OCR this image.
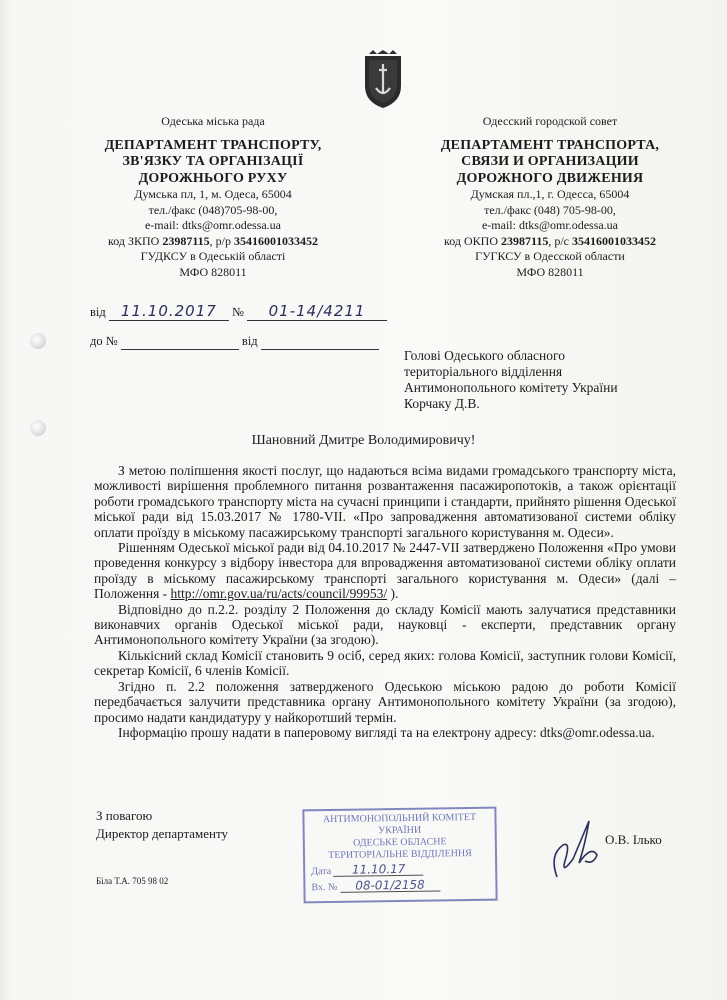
Одеська міська рада
ДЕПАРТАМЕНТ ТРАНСПОРТУ,
ЗВ'ЯЗКУ ТА ОРГАНІЗАЦІЇ
ДОРОЖНЬОГО РУХУ
Думська пл, 1, м. Одеса, 65004
тел./факс (048)705-98-00,
e-mail: dtks@omr.odessa.ua
код ЗКПО 23987115, р/р 35416001033452
ГУДКСУ в Одеській області
МФО 828011
Одесский городской совет
ДЕПАРТАМЕНТ ТРАНСПОРТА,
СВЯЗИ И ОРГАНИЗАЦИИ
ДОРОЖНОГО ДВИЖЕНИЯ
Думская пл.,1, г. Одесса, 65004
тел./факс (048) 705-98-00,
e-mail: dtks@omr.odessa.ua
код ОКПО 23987115, р/с 35416001033452
ГУГКСУ в Одесской области
МФО 828011
від 11.10.2017 № 01-14/4211
до №	від
Голові Одеського обласного
територіального відділення
Антимонопольного комітету України
Корчаку Д.В.
Шановний Дмитре Володимировичу!

З метою поліпшення якості послуг, що надаються всіма видами громадського транспорту міста, можливості вирішення проблемного питання розвантаження пасажиропотоків, а також орієнтації роботи громадського транспорту міста на сучасні принципи і стандарти, прийнято рішення Одеської міської ради від 15.03.2017 № 1780-VII. «Про запровадження автоматизованої системи обліку оплати проїзду в міському пасажирському транспорті загального користування м. Одеси».

Рішенням Одеської міської ради від 04.10.2017 № 2447-VII затверджено Положення «Про умови проведення конкурсу з відбору інвестора для впровадження автоматизованої системи обліку оплати проїзду в міському пасажирському транспорті загального користування м. Одеси» (далі – Положення - http://omr.gov.ua/ru/acts/council/99953/ ).

Відповідно до п.2.2. розділу 2 Положення до складу Комісії мають залучатися представники виконавчих органів Одеської міської ради, науковці - експерти, представник органу Антимонопольного комітету України (за згодою).

Кількісний склад Комісії становить 9 осіб, серед яких: голова Комісії, заступник голови Комісії, секретар Комісії, 6 членів Комісії.

Згідно п. 2.2 положення затвердженого Одеською міською радою до роботи Комісії передбачається залучити представника органу Антимонопольного комітету України (за згодою), просимо надати кандидатуру у найкоротший термін.

Інформацію прошу надати в паперовому вигляді та на електрону адресу: dtks@omr.odessa.ua.

З повагою
Директор департаменту
АНТИМОНОПОЛЬНИЙ КОМІТЕТ
УКРАЇНИ
ОДЕСЬКЕ ОБЛАСНЕ
ТЕРИТОРІАЛЬНЕ ВІДДІЛЕННЯ
Дата 11.10.17
Вх. № 08-01/2158
О.В. Ілько
Біла Т.А. 705 98 02
